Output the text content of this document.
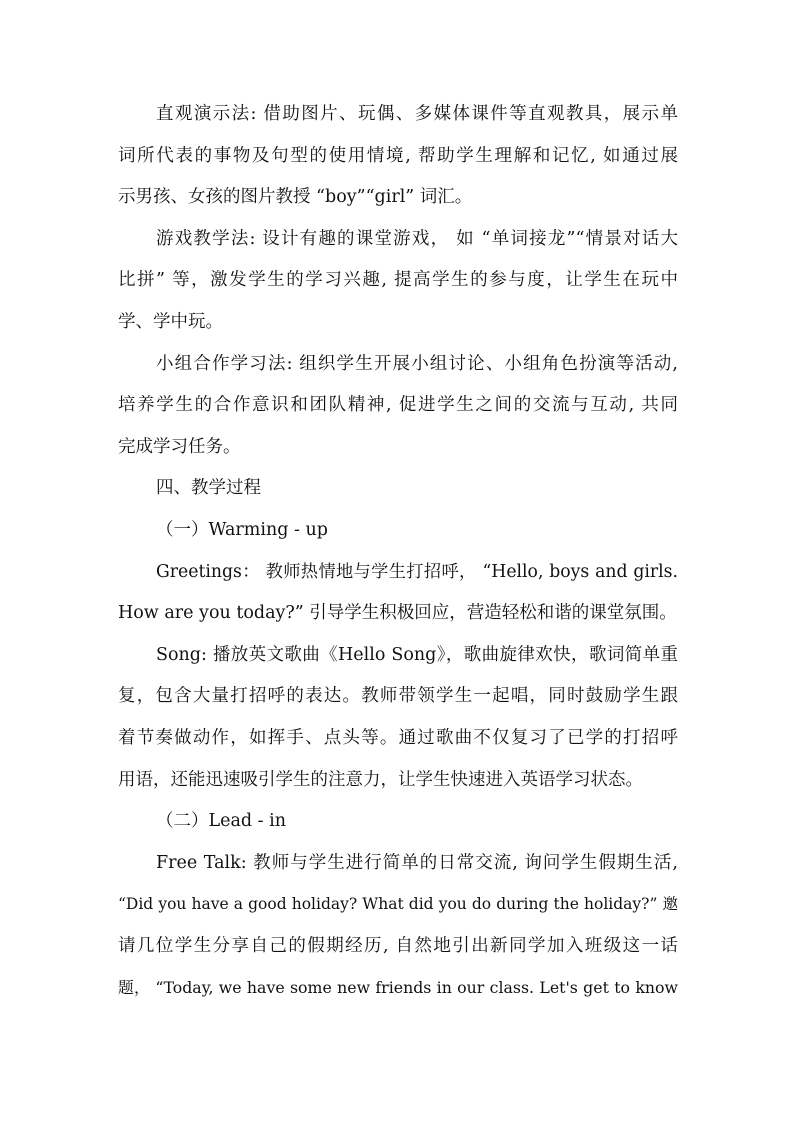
直观演示法: 借助图片、玩偶、多媒体课件等直观教具，展示单
词所代表的事物及句型的使用情境, 帮助学生理解和记忆, 如通过展
示男孩、女孩的图片教授 “boy”“girl” 词汇。
游戏教学法: 设计有趣的课堂游戏， 如 “单词接龙”“情景对话大
比拼” 等，激发学生的学习兴趣, 提高学生的参与度，让学生在玩中
学、学中玩。
小组合作学习法: 组织学生开展小组讨论、小组角色扮演等活动,
培养学生的合作意识和团队精神, 促进学生之间的交流与互动, 共同
完成学习任务。
四、教学过程
（一）Warming - up
Greetings： 教师热情地与学生打招呼， “Hello, boys and girls.
How are you today?” 引导学生积极回应，营造轻松和谐的课堂氛围。
Song: 播放英文歌曲《Hello Song》，歌曲旋律欢快，歌词简单重
复，包含大量打招呼的表达。教师带领学生一起唱，同时鼓励学生跟
着节奏做动作，如挥手、点头等。通过歌曲不仅复习了已学的打招呼
用语，还能迅速吸引学生的注意力，让学生快速进入英语学习状态。
（二）Lead - in
Free Talk: 教师与学生进行简单的日常交流, 询问学生假期生活,
“Did you have a good holiday? What did you do during the holiday?” 邀
请几位学生分享自己的假期经历, 自然地引出新同学加入班级这一话
题， “Today, we have some new friends in our class. Let's get to know
